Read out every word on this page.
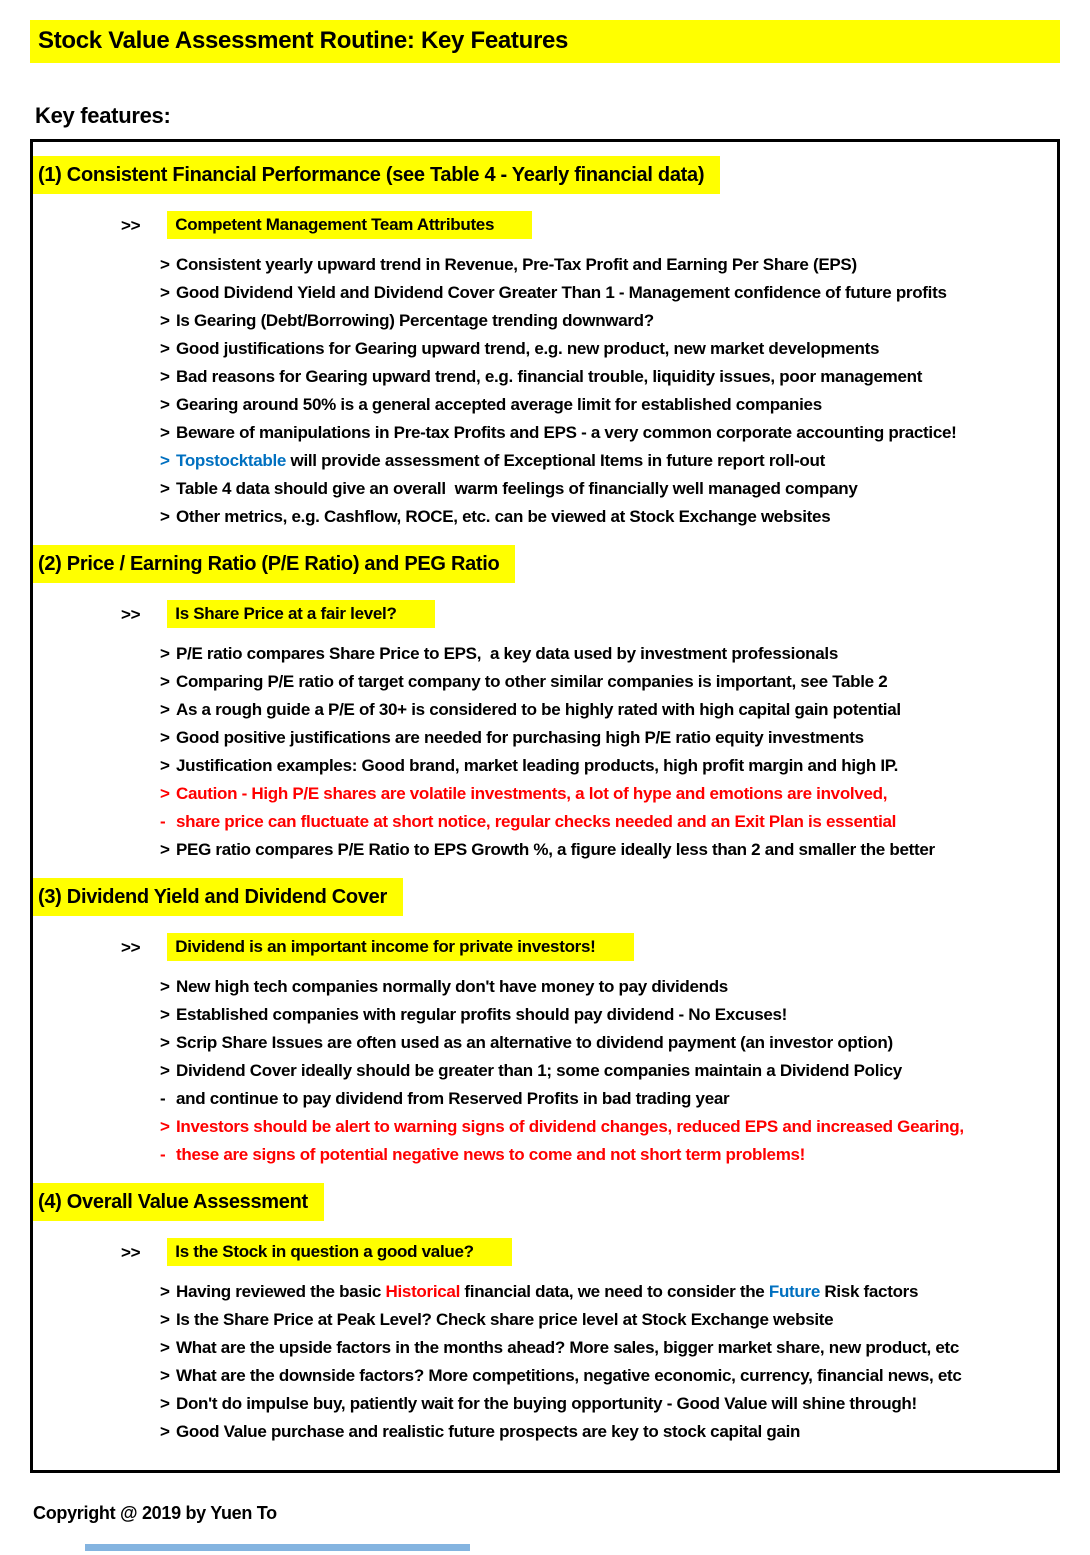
Stock Value Assessment Routine: Key Features
Key features:
(1) Consistent Financial Performance (see Table 4 - Yearly financial data)
>> Competent Management Team Attributes
> Consistent yearly upward trend in Revenue, Pre-Tax Profit and Earning Per Share (EPS)
> Good Dividend Yield and Dividend Cover Greater Than 1 - Management confidence of future profits
> Is Gearing (Debt/Borrowing) Percentage trending downward?
> Good justifications for Gearing upward trend, e.g. new product, new market developments
> Bad reasons for Gearing upward trend, e.g. financial trouble, liquidity issues, poor management
> Gearing around 50% is a general accepted average limit for established companies
> Beware of manipulations in Pre-tax Profits and EPS - a very common corporate accounting practice!
> Topstocktable will provide assessment of Exceptional Items in future report roll-out
> Table 4 data should give an overall  warm feelings of financially well managed company
> Other metrics, e.g. Cashflow, ROCE, etc. can be viewed at Stock Exchange websites
(2) Price / Earning Ratio (P/E Ratio) and PEG Ratio
>> Is Share Price at a fair level?
> P/E ratio compares Share Price to EPS,  a key data used by investment professionals
> Comparing P/E ratio of target company to other similar companies is important, see Table 2
> As a rough guide a P/E of 30+ is considered to be highly rated with high capital gain potential
> Good positive justifications are needed for purchasing high P/E ratio equity investments
> Justification examples: Good brand, market leading products, high profit margin and high IP.
> Caution - High P/E shares are volatile investments, a lot of hype and emotions are involved,
- share price can fluctuate at short notice, regular checks needed and an Exit Plan is essential
> PEG ratio compares P/E Ratio to EPS Growth %, a figure ideally less than 2 and smaller the better
(3) Dividend Yield and Dividend Cover
>> Dividend is an important income for private investors!
> New high tech companies normally don't have money to pay dividends
> Established companies with regular profits should pay dividend - No Excuses!
> Scrip Share Issues are often used as an alternative to dividend payment (an investor option)
> Dividend Cover ideally should be greater than 1; some companies maintain a Dividend Policy
- and continue to pay dividend from Reserved Profits in bad trading year
> Investors should be alert to warning signs of dividend changes, reduced EPS and increased Gearing,
- these are signs of potential negative news to come and not short term problems!
(4) Overall Value Assessment
>> Is the Stock in question a good value?
> Having reviewed the basic Historical financial data, we need to consider the Future Risk factors
> Is the Share Price at Peak Level? Check share price level at Stock Exchange website
> What are the upside factors in the months ahead? More sales, bigger market share, new product, etc
> What are the downside factors? More competitions, negative economic, currency, financial news, etc
> Don't do impulse buy, patiently wait for the buying opportunity - Good Value will shine through!
> Good Value purchase and realistic future prospects are key to stock capital gain
Copyright @ 2019 by Yuen To
